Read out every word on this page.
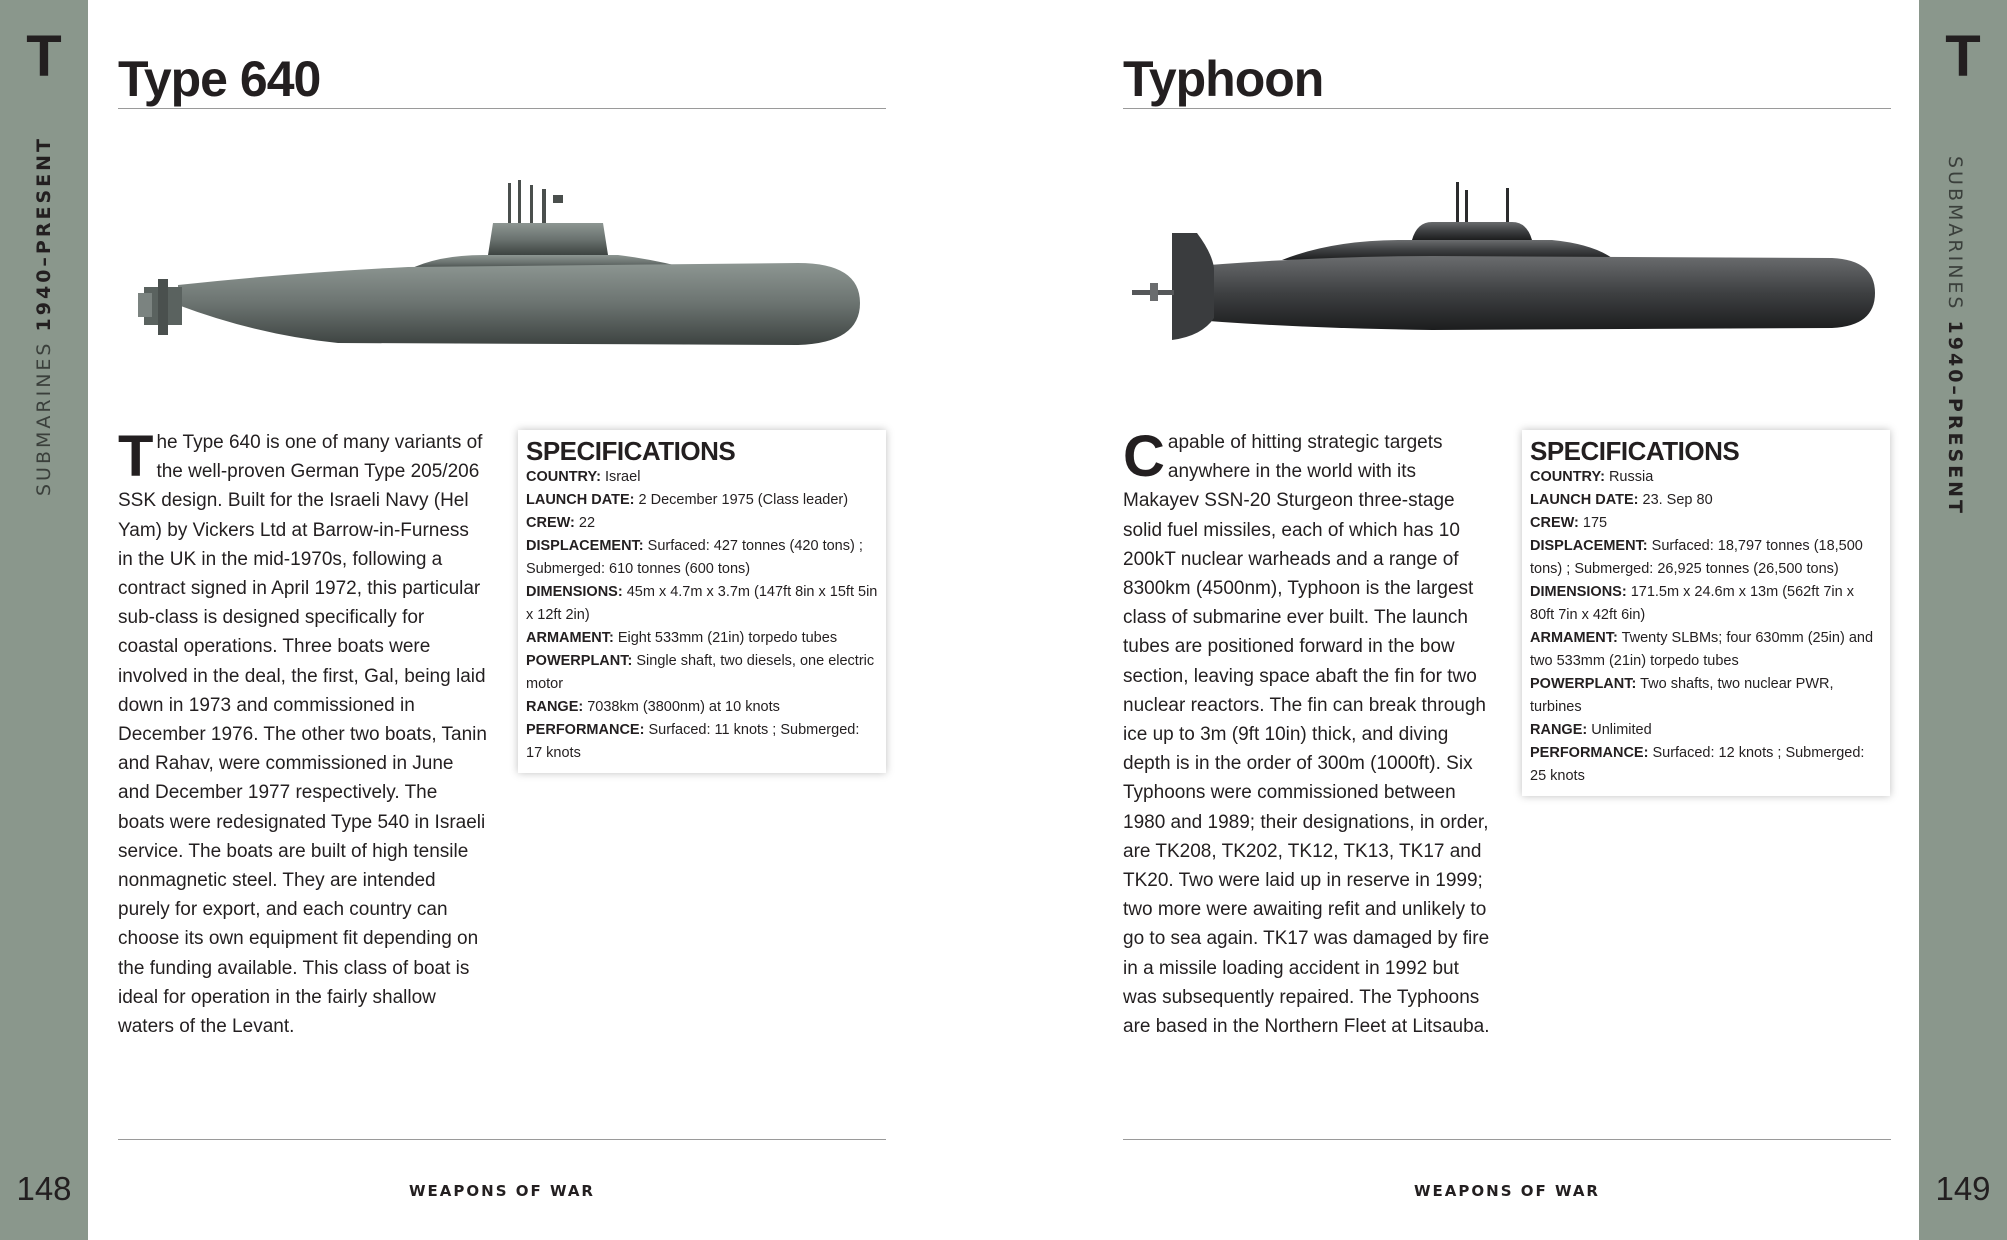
T
SUBMARINES 1940–PRESENT
148
T
149
SUBMARINES 1940–PRESENT
Type 640
The Type 640 is one of many variants of the well-proven German Type 205/206 SSK design. Built for the Israeli Navy (Hel Yam) by Vickers Ltd at Barrow-in-Furness in the UK in the mid-1970s, following a contract signed in April 1972, this particular sub-class is designed specifically for coastal operations. Three boats were involved in the deal, the first, Gal, being laid down in 1973 and commissioned in December 1976. The other two boats, Tanin and Rahav, were commissioned in June and December 1977 respectively. The boats were redesignated Type 540 in Israeli service. The boats are built of high tensile nonmagnetic steel. They are intended purely for export, and each country can choose its own equipment fit depending on the funding available. This class of boat is ideal for operation in the fairly shallow waters of the Levant.
SPECIFICATIONS
COUNTRY: Israel
LAUNCH DATE: 2 December 1975 (Class leader)
CREW: 22
DISPLACEMENT: Surfaced: 427 tonnes (420 tons) ; Submerged: 610 tonnes (600 tons)
DIMENSIONS: 45m x 4.7m x 3.7m (147ft 8in x 15ft 5in x 12ft 2in)
ARMAMENT: Eight 533mm (21in) torpedo tubes
POWERPLANT: Single shaft, two diesels, one electric motor
RANGE: 7038km (3800nm) at 10 knots
PERFORMANCE: Surfaced: 11 knots ; Submerged: 17 knots
WEAPONS OF WAR
Typhoon
Capable of hitting strategic targets anywhere in the world with its Makayev SSN-20 Sturgeon three-stage solid fuel missiles, each of which has 10 200kT nuclear warheads and a range of 8300km (4500nm), Typhoon is the largest class of submarine ever built. The launch tubes are positioned forward in the bow section, leaving space abaft the fin for two nuclear reactors. The fin can break through ice up to 3m (9ft 10in) thick, and diving depth is in the order of 300m (1000ft). Six Typhoons were commissioned between 1980 and 1989; their designations, in order, are TK208, TK202, TK12, TK13, TK17 and TK20. Two were laid up in reserve in 1999; two more were awaiting refit and unlikely to go to sea again. TK17 was damaged by fire in a missile loading accident in 1992 but was subsequently repaired. The Typhoons are based in the Northern Fleet at Litsauba.
SPECIFICATIONS
COUNTRY: Russia
LAUNCH DATE: 23. Sep 80
CREW: 175
DISPLACEMENT: Surfaced: 18,797 tonnes (18,500 tons) ; Submerged: 26,925 tonnes (26,500 tons)
DIMENSIONS: 171.5m x 24.6m x 13m (562ft 7in x 80ft 7in x 42ft 6in)
ARMAMENT: Twenty SLBMs; four 630mm (25in) and two 533mm (21in) torpedo tubes
POWERPLANT: Two shafts, two nuclear PWR, turbines
RANGE: Unlimited
PERFORMANCE: Surfaced: 12 knots ; Submerged: 25 knots
WEAPONS OF WAR
